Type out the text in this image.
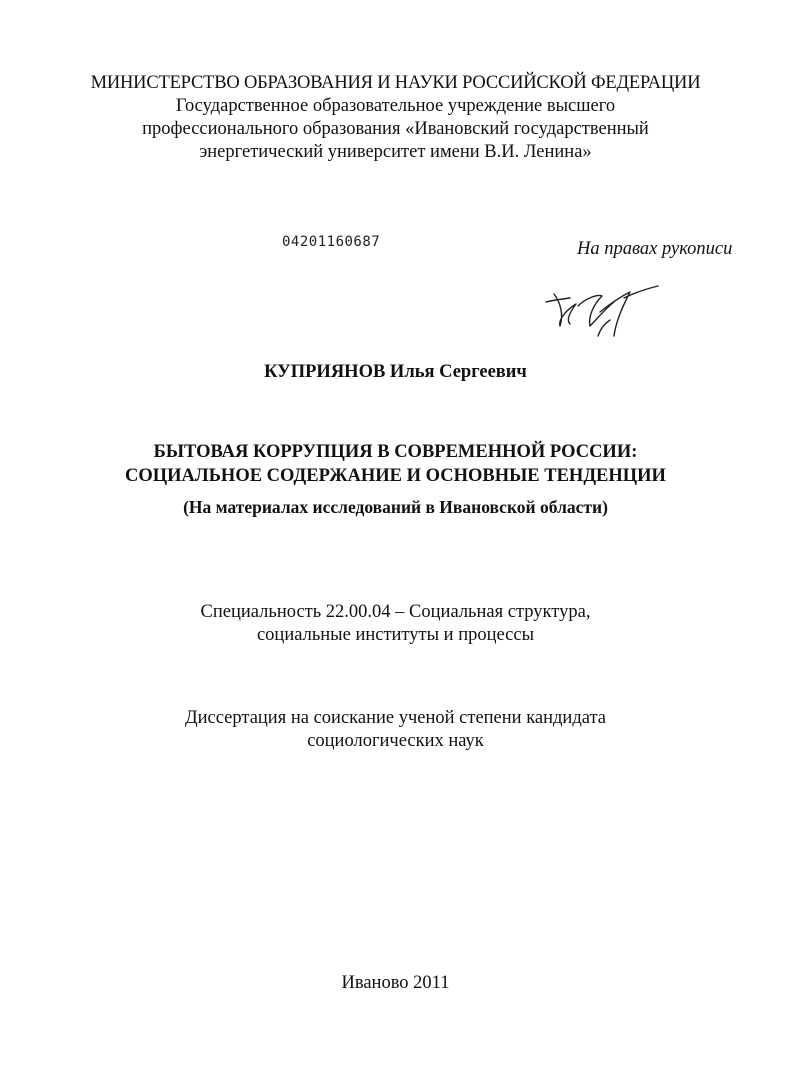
МИНИСТЕРСТВО ОБРАЗОВАНИЯ И НАУКИ РОССИЙСКОЙ ФЕДЕРАЦИИ
Государственное образовательное учреждение высшего
профессионального образования «Ивановский государственный
энергетический университет имени В.И. Ленина»
04201160687	На правах рукописи
КУПРИЯНОВ Илья Сергеевич
БЫТОВАЯ КОРРУПЦИЯ В СОВРЕМЕННОЙ РОССИИ:
СОЦИАЛЬНОЕ СОДЕРЖАНИЕ И ОСНОВНЫЕ ТЕНДЕНЦИИ
(На материалах исследований в Ивановской области)
Специальность 22.00.04 – Социальная структура,
социальные институты и процессы
Диссертация на соискание ученой степени кандидата
социологических наук
Иваново 2011
